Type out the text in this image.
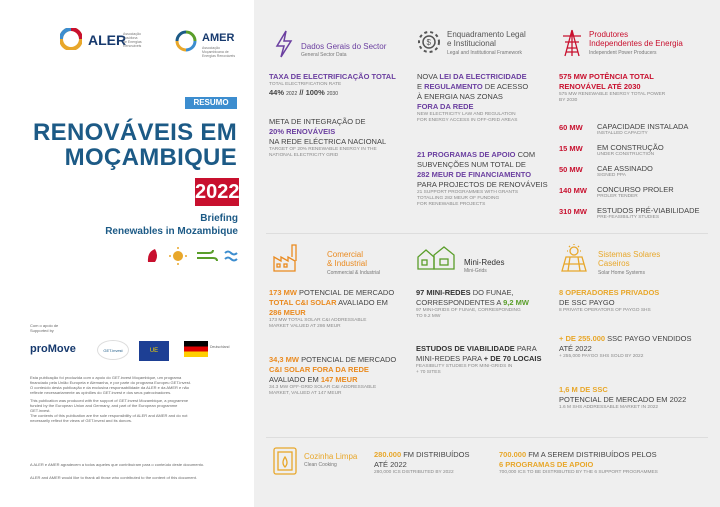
ALER
Associação
Lusófona
de Energias
Renováveis
AMER
Associação Moçambicana de Energias Renováveis
RESUMO
RENOVÁVEIS EM
MOÇAMBIQUE
2022
Briefing
Renewables in Mozambique
Com o apoio de
Supported by
proMove	GET.invest	UE
Deutschland
Esta publicação foi produzida com o apoio do GET.invest Moçambique, um programa
financiado pela União Europeia e Alemanha, e por parte do programa Europeu GET.invest.
O conteúdo desta publicação e da exclusiva responsabilidade da ALER e da AMER e não
reflecte necessariamente as opiniões do GET.invest e dos seus patrocinadores.
This publication was produced with the support of GET.invest Mozambique, a programme
funded by the European Union and Germany, and part of the European programme
GET.invest.
The contents of this publication are the sole responsibility of ALER and AMER and do not
necessarily reflect the views of GET.invest and its donors.
A ALER e AMER agradecem a todos aqueles que contribuíram para o conteúdo deste documento.
ALER and AMER would like to thank all those who contributed to the content of this document.
Dados Gerais do Sector
General Sector Data
TAXA DE ELECTRIFICAÇÃO TOTAL
TOTAL ELECTRIFICATION RATE
44% 2022 // 100% 2030
META DE INTEGRAÇÃO DE
20% RENOVÁVEIS
NA REDE ELÉCTRICA NACIONAL
TARGET OF 20% RENEWABLE ENERGY IN THE
NATIONAL ELECTRICITY GRID
$
Enquadramento Legal
e Institucional
Legal and Institutional Framework
NOVA LEI DA ELECTRICIDADE
E REGULAMENTO DE ACESSO
À ENERGIA NAS ZONAS
FORA DA REDE
NEW ELECTRICITY LAW AND REGULATION
FOR ENERGY ACCESS IN OFF-GRID AREAS
21 PROGRAMAS DE APOIO COM
SUBVENÇÕES NUM TOTAL DE
282 MEUR DE FINANCIAMENTO
PARA PROJECTOS DE RENOVÁVEIS
21 SUPPORT PROGRAMMES WITH GRANTS
TOTALLING 282 MEUR OF FUNDING
FOR RENEWABLE PROJECTS
Produtores
Independentes de Energia
Independent Power Producers
575 MW POTÊNCIA TOTAL
RENOVÁVEL ATÉ 2030
575 MW RENEWABLE ENERGY TOTAL POWER
BY 2030
60 MW	CAPACIDADE INSTALADA
INSTALLED CAPACITY
15 MW	EM CONSTRUÇÃO
UNDER CONSTRUCTION
50 MW	CAE ASSINADO
SIGNED PPA
140 MW	CONCURSO PROLER
PROLER TENDER
310 MW	ESTUDOS PRÉ-VIABILIDADE
PRE-FEASIBILITY STUDIES
Comercial
& Industrial
Commercial & Industrial
173 MW POTENCIAL DE MERCADO
TOTAL C&I SOLAR AVALIADO EM
286 MEUR
173 MW TOTAL SOLAR C&I ADDRESSABLE
MARKET VALUED AT 286 MEUR
34,3 MW POTENCIAL DE MERCADO
C&I SOLAR FORA DA REDE
AVALIADO EM 147 MEUR
34.3 MW OFF-GRID SOLAR C&I ADDRESSABLE
MARKET, VALUED AT 147 MEUR
Mini-Redes
Mini-Grids
97 MINI-REDES DO FUNAE,
CORRESPONDENTES A 9,2 MW
97 MINI-GRIDS OF FUNAE, CORRESPONDING
TO 9.2 MW
ESTUDOS DE VIABILIDADE PARA
MINI-REDES PARA + DE 70 LOCAIS
FEASIBILITY STUDIES FOR MINI-GRIDS IN
+ 70 SITES
Sistemas Solares
Caseiros
Solar Home Systems
8 OPERADORES PRIVADOS
DE SSC PAYGO
8 PRIVATE OPERATORS OF PAYGO SHS
+ DE 255.000 SSC PAYGO VENDIDOS
ATÉ 2022
+ 255,000 PAYGO SHS SOLD BY 2022
1,6 M DE SSC
POTENCIAL DE MERCADO EM 2022
1.6 M SHS ADDRESSABLE MARKET IN 2022
Cozinha Limpa
Clean Cooking
280.000 FM DISTRIBUÍDOS
ATÉ 2022
280,000 ICS DISTRIBUTED BY 2022
700.000 FM A SEREM DISTRIBUÍDOS PELOS
6 PROGRAMAS DE APOIO
700,000 ICS TO BE DISTRIBUTED BY THE 6 SUPPORT PROGRAMMES
